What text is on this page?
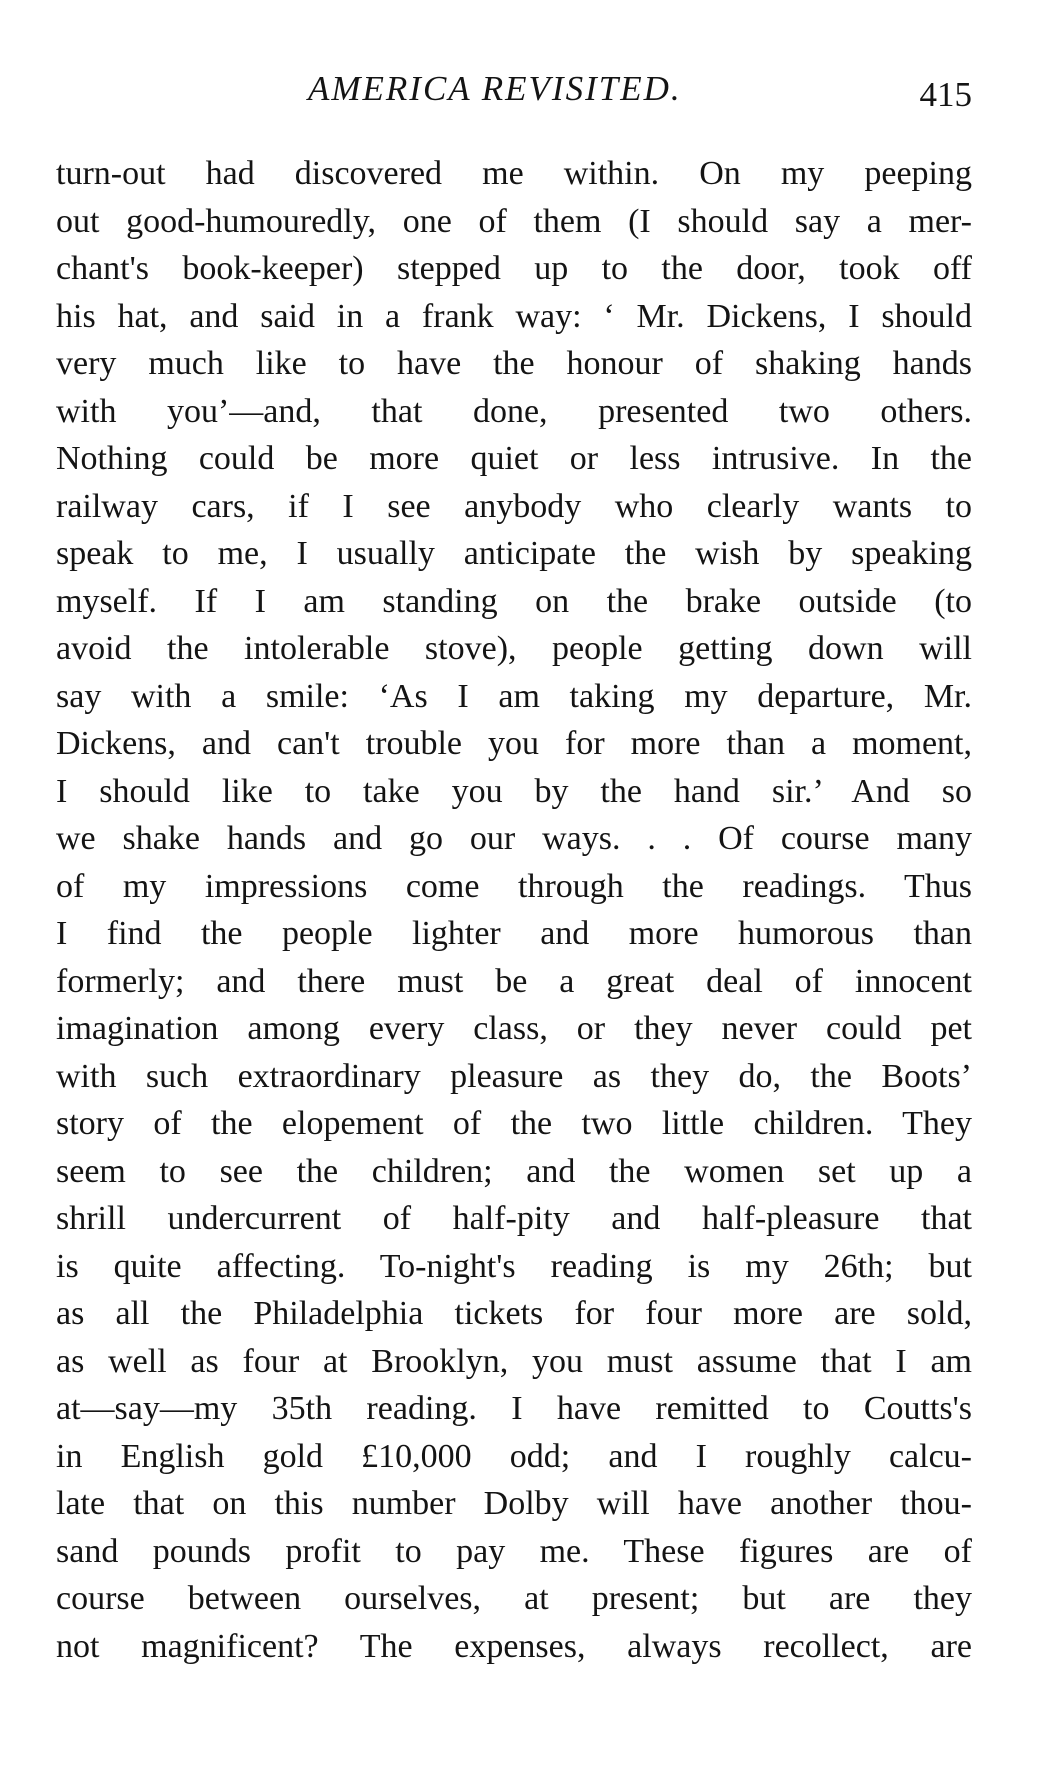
AMERICA REVISITED.	415
turn-out had discovered me within. On my peeping
out good-humouredly, one of them (I should say a mer-
chant's book-keeper) stepped up to the door, took off
his hat, and said in a frank way: ‘ Mr. Dickens, I should
very much like to have the honour of shaking hands
with you’—and, that done, presented two others.
Nothing could be more quiet or less intrusive. In the
railway cars, if I see anybody who clearly wants to
speak to me, I usually anticipate the wish by speaking
myself. If I am standing on the brake outside (to
avoid the intolerable stove), people getting down will
say with a smile: ‘As I am taking my departure, Mr.
Dickens, and can't trouble you for more than a moment,
I should like to take you by the hand sir.’ And so
we shake hands and go our ways. . . Of course many
of my impressions come through the readings. Thus
I find the people lighter and more humorous than
formerly; and there must be a great deal of innocent
imagination among every class, or they never could pet
with such extraordinary pleasure as they do, the Boots’
story of the elopement of the two little children. They
seem to see the children; and the women set up a
shrill undercurrent of half-pity and half-pleasure that
is quite affecting. To-night's reading is my 26th; but
as all the Philadelphia tickets for four more are sold,
as well as four at Brooklyn, you must assume that I am
at—say—my 35th reading. I have remitted to Coutts's
in English gold £10,000 odd; and I roughly calcu-
late that on this number Dolby will have another thou-
sand pounds profit to pay me. These figures are of
course between ourselves, at present; but are they
not magnificent? The expenses, always recollect, are
